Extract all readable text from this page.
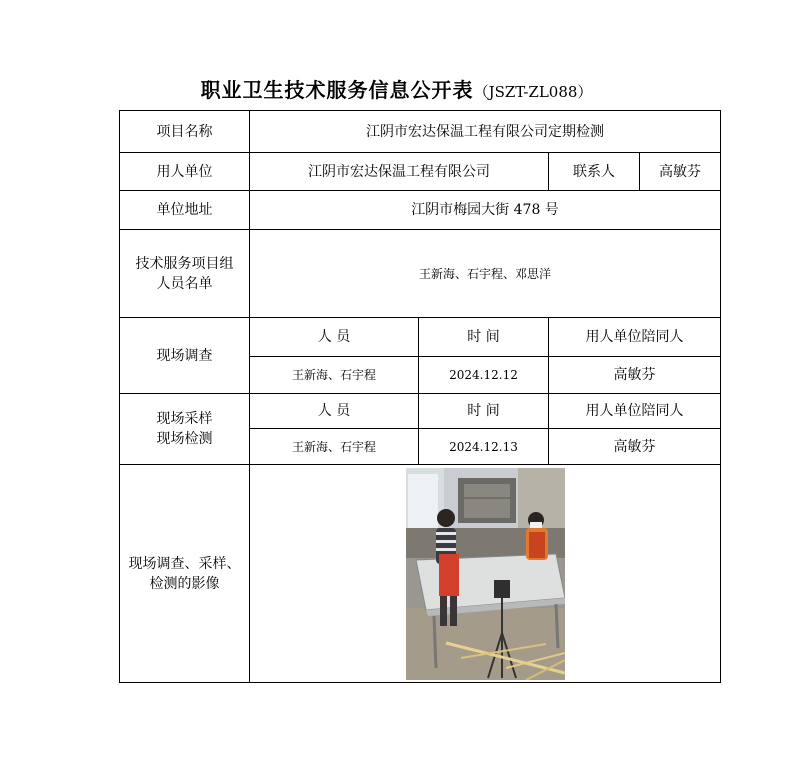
职业卫生技术服务信息公开表（JSZT-ZL088）
项目名称	江阴市宏达保温工程有限公司定期检测			
用人单位	江阴市宏达保温工程有限公司		联系人	高敏芬
单位地址	江阴市梅园大街 478 号			

技术服务项目组
人员名单	王新海、石宇程、邓思洋			
现场调查	人 员	时 间	用人单位陪同人	
	王新海、石宇程	2024.12.12	高敏芬	

现场采样
现场检测	人 员	时 间	用人单位陪同人	
	王新海、石宇程	2024.12.13	高敏芬	

现场调查、采样、
检测的影像
